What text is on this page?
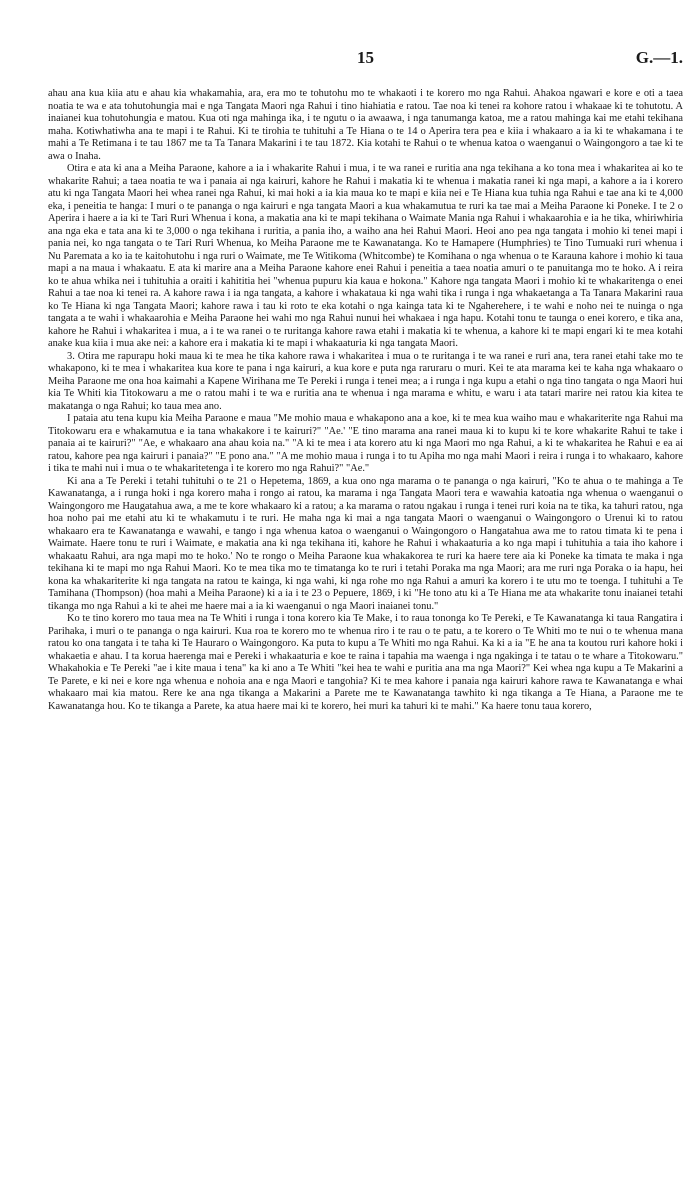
15	G.—1.

ahau ana kua kiia atu e ahau kia whakamahia, ara, era mo te tohutohu mo te whakaoti i te korero mo nga Rahui. Ahakoa ngawari e kore e oti a taea noatia te wa e ata tohutohungia mai e nga Tangata Maori nga Rahui i tino hiahiatia e ratou. Tae noa ki tenei ra kohore ratou i whakaae ki te tohutotu. A inaianei kua tohutohungia e matou. Kua oti nga mahinga ika, i te ngutu o ia awaawa, i nga tanumanga katoa, me a ratou mahinga kai me etahi tekihana maha. Kotiwhatiwha ana te mapi i te Rahui. Ki te tirohia te tuhituhi a Te Hiana o te 14 o Aperira tera pea e kiia i whakaaro a ia ki te whakamana i te mahi a Te Retimana i te tau 1867 me ta Ta Tanara Makarini i te tau 1872. Kia kotahi te Rahui o te whenua katoa o waenganui o Waingongoro a tae ki te awa o Inaha.

Otira e ata ki ana a Meiha Paraone, kahore a ia i whakarite Rahui i mua, i te wa ranei e ruritia ana nga tekihana a ko tona mea i whakaritea ai ko te whakarite Rahui; a taea noatia te wa i panaia ai nga kairuri, kahore he Rahui i makatia ki te whenua i makatia ranei ki nga mapi, a kahore a ia i korero atu ki nga Tangata Maori hei whea ranei nga Rahui, ki mai hoki a ia kia maua ko te mapi e kiia nei e Te Hiana kua tuhia nga Rahui e tae ana ki te 4,000 eka, i peneitia te hanga: I muri o te pananga o nga kairuri e nga tangata Maori a kua whakamutua te ruri ka tae mai a Meiha Paraone ki Poneke. I te 2 o Aperira i haere a ia ki te Tari Ruri Whenua i kona, a makatia ana ki te mapi tekihana o Waimate Mania nga Rahui i whakaarohia e ia he tika, whiriwhiria ana nga eka e tata ana ki te 3,000 o nga tekihana i ruritia, a pania iho, a waiho ana hei Rahui Maori. Heoi ano pea nga tangata i mohio ki tenei mapi i pania nei, ko nga tangata o te Tari Ruri Whenua, ko Meiha Paraone me te Kawanatanga. Ko te Hamapere (Humphries) te Tino Tumuaki ruri whenua i Nu Paremata a ko ia te kaitohutohu i nga ruri o Waimate, me Te Witikoma (Whitcombe) te Komihana o nga whenua o te Karauna kahore i mohio ki taua mapi a na maua i whakaatu. E ata ki marire ana a Meiha Paraone kahore enei Rahui i peneitia a taea noatia amuri o te panuitanga mo te hoko. A i reira ko te ahua whika nei i tuhituhia a oraiti i kahititia hei "whenua pupuru kia kaua e hokona." Kahore nga tangata Maori i mohio ki te whakaritenga o enei Rahui a tae noa ki tenei ra. A kahore rawa i ia nga tangata, a kahore i whakataua ki nga wahi tika i runga i nga whakaetanga a Ta Tanara Makarini raua ko Te Hiana ki nga Tangata Maori; kahore rawa i tau ki roto te eka kotahi o nga kainga tata ki te Ngaherehere, i te wahi e noho nei te nuinga o nga tangata a te wahi i whakaarohia e Meiha Paraone hei wahi mo nga Rahui nunui hei whakaea i nga hapu. Kotahi tonu te taunga o enei korero, e tika ana, kahore he Rahui i whakaritea i mua, a i te wa ranei o te ruritanga kahore rawa etahi i makatia ki te whenua, a kahore ki te mapi engari ki te mea kotahi anake kua kiia i mua ake nei: a kahore era i makatia ki te mapi i whakaaturia ki nga tangata Maori.

3. Otira me rapurapu hoki maua ki te mea he tika kahore rawa i whakaritea i mua o te ruritanga i te wa ranei e ruri ana, tera ranei etahi take mo te whakapono, ki te mea i whakaritea kua kore te pana i nga kairuri, a kua kore e puta nga raruraru o muri. Kei te ata marama kei te kaha nga whakaaro o Meiha Paraone me ona hoa kaimahi a Kapene Wirihana me Te Pereki i runga i tenei mea; a i runga i nga kupu a etahi o nga tino tangata o nga Maori hui kia Te Whiti kia Titokowaru a me o ratou mahi i te wa e ruritia ana te whenua i nga marama e whitu, e waru i ata tatari marire nei ratou kia kitea te makatanga o nga Rahui; ko taua mea ano.

I pataia atu tena kupu kia Meiha Paraone e maua "Me mohio maua e whakapono ana a koe, ki te mea kua waiho mau e whakariterite nga Rahui ma Titokowaru era e whakamutua e ia tana whakakore i te kairuri?" "Ae.' "E tino marama ana ranei maua ki to kupu ki te kore whakarite Rahui te take i panaia ai te kairuri?" "Ae, e whakaaro ana ahau koia na." "A ki te mea i ata korero atu ki nga Maori mo nga Rahui, a ki te whakaritea he Rahui e ea ai ratou, kahore pea nga kairuri i panaia?" "E pono ana." "A me mohio maua i runga i to tu Apiha mo nga mahi Maori i reira i runga i to whakaaro, kahore i tika te mahi nui i mua o te whakaritetenga i te korero mo nga Rahui?" "Ae."

Ki ana a Te Pereki i tetahi tuhituhi o te 21 o Hepetema, 1869, a kua ono nga marama o te pananga o nga kairuri, "Ko te ahua o te mahinga a Te Kawanatanga, a i runga hoki i nga korero maha i rongo ai ratou, ka marama i nga Tangata Maori tera e wawahia katoatia nga whenua o waenganui o Waingongoro me Haugatahua awa, a me te kore whakaaro ki a ratou; a ka marama o ratou ngakau i runga i tenei ruri koia na te tika, ka tahuri ratou, nga hoa noho pai me etahi atu ki te whakamutu i te ruri. He maha nga ki mai a nga tangata Maori o waenganui o Waingongoro o Urenui ki to ratou whakaaro era te Kawanatanga e wawahi, e tango i nga whenua katoa o waenganui o Waingongoro o Hangatahua awa me to ratou timata ki te pena i Waimate. Haere tonu te ruri i Waimate, e makatia ana ki nga tekihana iti, kahore he Rahui i whakaaturia a ko nga mapi i tuhituhia a taia iho kahore i whakaatu Rahui, ara nga mapi mo te hoko.' No te rongo o Meiha Paraone kua whakakorea te ruri ka haere tere aia ki Poneke ka timata te maka i nga tekihana ki te mapi mo nga Rahui Maori. Ko te mea tika mo te timatanga ko te ruri i tetahi Poraka ma nga Maori; ara me ruri nga Poraka o ia hapu, hei kona ka whakariterite ki nga tangata na ratou te kainga, ki nga wahi, ki nga rohe mo nga Rahui a amuri ka korero i te utu mo te toenga. I tuhituhi a Te Tamihana (Thompson) (hoa mahi a Meiha Paraone) ki a ia i te 23 o Pepuere, 1869, i ki "He tono atu ki a Te Hiana me ata whakarite tonu inaianei tetahi tikanga mo nga Rahui a ki te ahei me haere mai a ia ki waenganui o nga Maori inaianei tonu."

Ko te tino korero mo taua mea na Te Whiti i runga i tona korero kia Te Make, i to raua tononga ko Te Pereki, e Te Kawanatanga ki taua Rangatira i Parihaka, i muri o te pananga o nga kairuri. Kua roa te korero mo te whenua riro i te rau o te patu, a te korero o Te Whiti mo te nui o te whenua mana ratou ko ona tangata i te taha ki Te Hauraro o Waingongoro. Ka puta to kupu a Te Whiti mo nga Rahui. Ka ki a ia "E he ana ta koutou ruri kahore hoki i whakaetia e ahau. I ta korua haerenga mai e Pereki i whakaaturia e koe te raina i tapahia ma waenga i nga ngakinga i te tatau o te whare a Titokowaru." Whakahokia e Te Pereki "ae i kite maua i tena" ka ki ano a Te Whiti "kei hea te wahi e puritia ana ma nga Maori?" Kei whea nga kupu a Te Makarini a Te Parete, e ki nei e kore nga whenua e nohoia ana e nga Maori e tangohia? Ki te mea kahore i panaia nga kairuri kahore rawa te Kawanatanga e whai whakaaro mai kia matou. Rere ke ana nga tikanga a Makarini a Parete me te Kawanatanga tawhito ki nga tikanga a Te Hiana, a Paraone me te Kawanatanga hou. Ko te tikanga a Parete, ka atua haere mai ki te korero, hei muri ka tahuri ki te mahi." Ka haere tonu taua korero,
